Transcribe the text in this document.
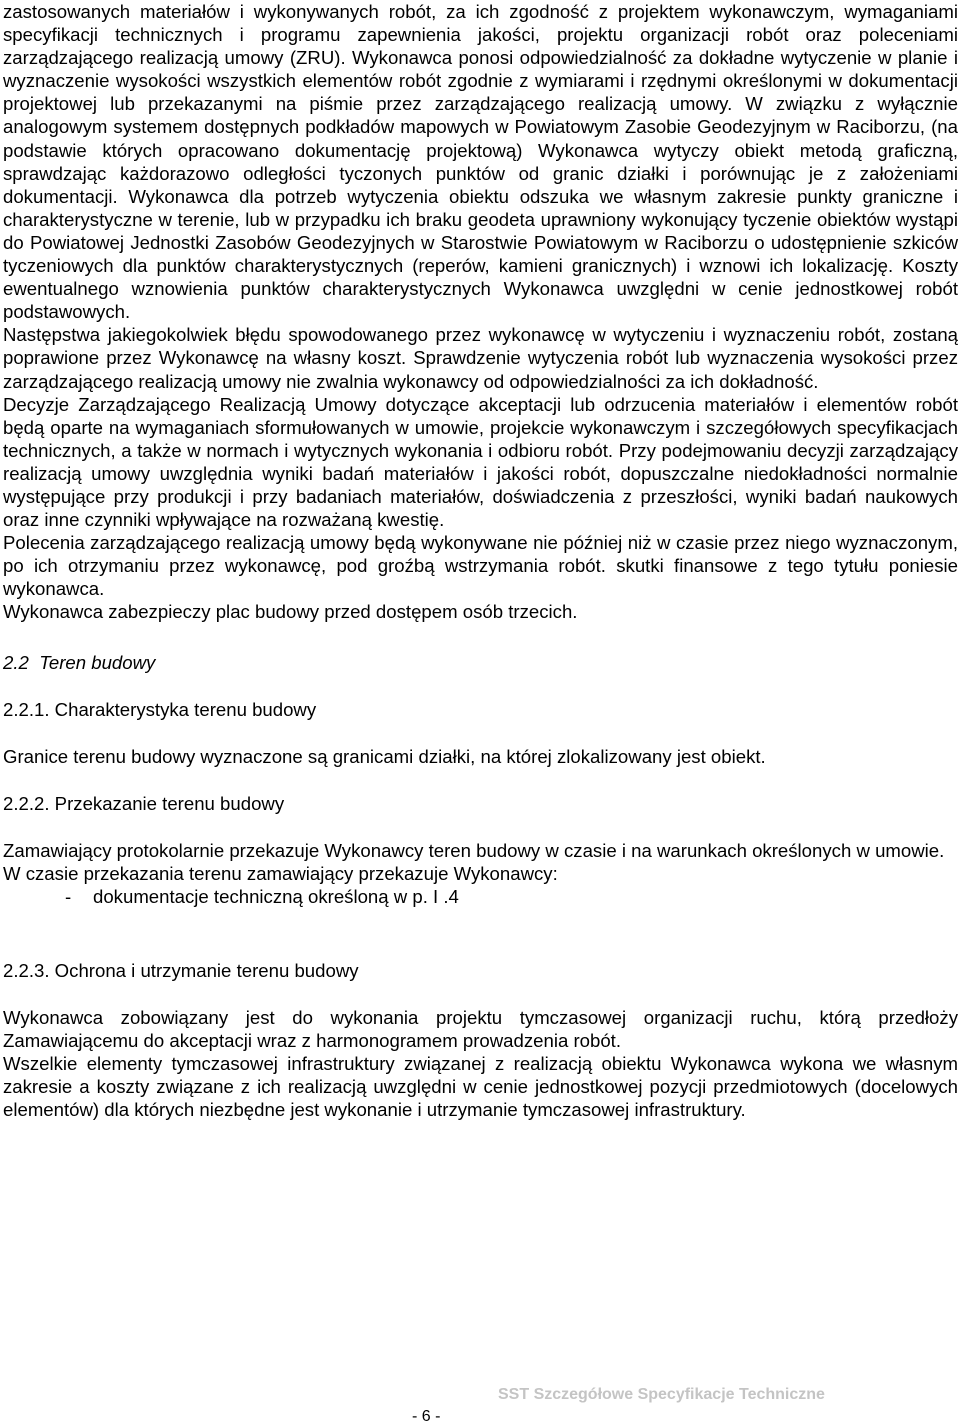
zastosowanych materiałów i wykonywanych robót, za ich zgodność z projektem wykonawczym, wymaganiami specyfikacji technicznych i programu zapewnienia jakości, projektu organizacji robót oraz poleceniami zarządzającego realizacją umowy (ZRU). Wykonawca ponosi odpowiedzialność za dokładne wytyczenie w planie i wyznaczenie wysokości wszystkich elementów robót zgodnie z wymiarami i rzędnymi określonymi w dokumentacji projektowej lub przekazanymi na piśmie przez zarządzającego realizacją umowy. W związku z wyłącznie analogowym systemem dostępnych podkładów mapowych w Powiatowym Zasobie Geodezyjnym w Raciborzu, (na podstawie których opracowano dokumentację projektową) Wykonawca wytyczy obiekt metodą graficzną, sprawdzając każdorazowo odległości tyczonych punktów od granic działki i porównując je z założeniami dokumentacji. Wykonawca dla potrzeb wytyczenia obiektu odszuka we własnym zakresie punkty graniczne i charakterystyczne w terenie, lub w przypadku ich braku geodeta uprawniony wykonujący tyczenie obiektów wystąpi do Powiatowej Jednostki Zasobów Geodezyjnych w Starostwie Powiatowym w Raciborzu o udostępnienie szkiców tyczeniowych dla punktów charakterystycznych (reperów, kamieni granicznych) i wznowi ich lokalizację. Koszty ewentualnego wznowienia punktów charakterystycznych Wykonawca uwzględni w cenie jednostkowej robót podstawowych.

Następstwa jakiegokolwiek błędu spowodowanego przez wykonawcę w wytyczeniu i wyznaczeniu robót, zostaną poprawione przez Wykonawcę na własny koszt. Sprawdzenie wytyczenia robót lub wyznaczenia wysokości przez zarządzającego realizacją umowy nie zwalnia wykonawcy od odpowiedzialności za ich dokładność.

Decyzje Zarządzającego Realizacją Umowy dotyczące akceptacji lub odrzucenia materiałów i elementów robót będą oparte na wymaganiach sformułowanych w umowie, projekcie wykonawczym i szczegółowych specyfikacjach technicznych, a także w normach i wytycznych wykonania i odbioru robót. Przy podejmowaniu decyzji zarządzający realizacją umowy uwzględnia wyniki badań materiałów i jakości robót, dopuszczalne niedokładności normalnie występujące przy produkcji i przy badaniach materiałów, doświadczenia z przeszłości, wyniki badań naukowych oraz inne czynniki wpływające na rozważaną kwestię.

Polecenia zarządzającego realizacją umowy będą wykonywane nie później niż w czasie przez niego wyznaczonym, po ich otrzymaniu przez wykonawcę, pod groźbą wstrzymania robót. skutki finansowe z tego tytułu poniesie wykonawca.

Wykonawca zabezpieczy plac budowy przed dostępem osób trzecich.

2.2 Teren budowy

2.2.1. Charakterystyka terenu budowy

Granice terenu budowy wyznaczone są granicami działki, na której zlokalizowany jest obiekt.

2.2.2. Przekazanie terenu budowy

Zamawiający protokolarnie przekazuje Wykonawcy teren budowy w czasie i na warunkach określonych w umowie.

W czasie przekazania terenu zamawiający przekazuje Wykonawcy:

-	dokumentacje techniczną określoną w p. I .4

2.2.3. Ochrona i utrzymanie terenu budowy

Wykonawca zobowiązany jest do wykonania projektu tymczasowej organizacji ruchu, którą przedłoży Zamawiającemu do akceptacji wraz z harmonogramem prowadzenia robót.

Wszelkie elementy tymczasowej infrastruktury związanej z realizacją obiektu Wykonawca wykona we własnym zakresie a koszty związane z ich realizacją uwzględni w cenie jednostkowej pozycji przedmiotowych (docelowych elementów) dla których niezbędne jest wykonanie i utrzymanie tymczasowej infrastruktury.

SST Szczegółowe Specyfikacje Techniczne
- 6 -
